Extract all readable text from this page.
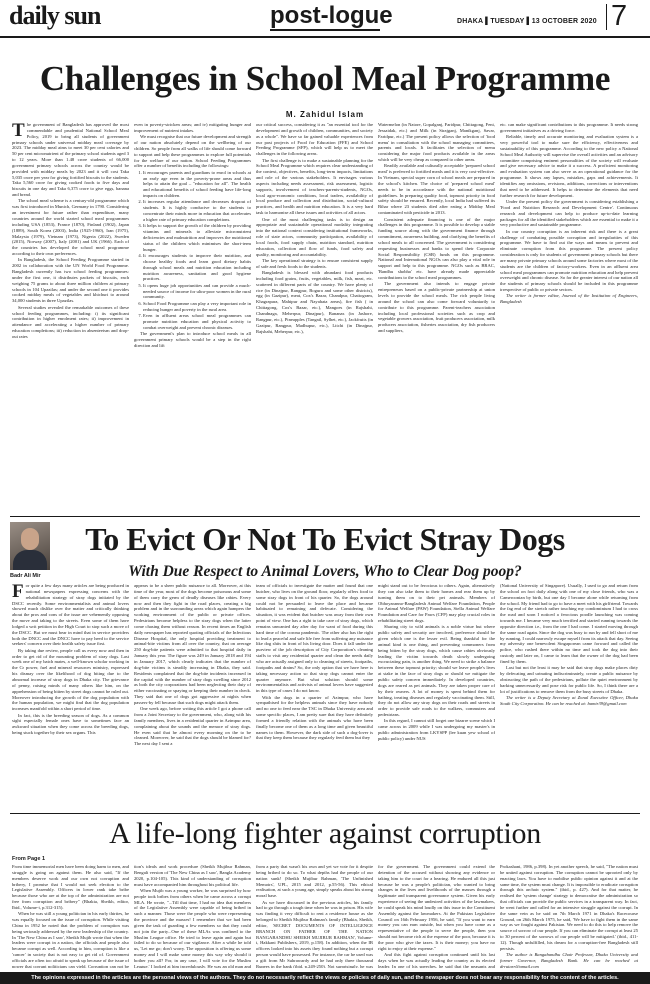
daily sun	post-logue	DHAKA ▌TUESDAY ▌13 OCTOBER 2020 7
Challenges in School Meal Programme
M. Zahidul Islam

The government of Bangladesh has approved the most commendable and prudential National School Meal Policy, 2019 to bring all students of government primary schools under universal midday meal coverage by 2023. The midday meal aims to meet 30 per cent calories and 50 per cent micronutrient of the primary school students aged 3 to 12 years. More than 1.48 crore students of 66,000 government primary schools across the country would be provided with midday meals by 2023 and it will cost Taka 5,035 crore per year for giving fortified biscuits to the students. Taka 5,560 crore for giving cooked foods to five days and biscuits in one day and Taka 6,375 crore to give eggs, banana and bread.

The school meal scheme is a century-old programme which was first introduced in Munich, Germany in 1790. Considering an investment for future rather than expenditure, many countries around the world started school meal programmes including USA (1853), France (1870), Finland (1902), Japan (1889), South Korea (2003), India (1925-1960), Iran (1975), Malaysia (1979), Vietnam (1973), Nigeria (2022), Sweden (2015), Norway (2007), Italy (2001) and UK (1966). Each of the countries has developed the school meal programme according to their own preferences.

In Bangladesh, the School Feeding Programme started in 2002 in collaboration with the UN World Food Programme. Bangladesh currently has two school feeding programmes: under the first one, it distributes packets of biscuits, each weighing 75 grams to about three million children at primary schools in 104 Upazilas; and under the second one it provides cooked midday meals of vegetables and khichuri to around 34,000 students in three Upazilas.

Several studies revealed the remarkable outcomes of these school feeding programmes, including: i) its significant contribution in higher enrolment rates; ii) improvement in attendance and accelerating a higher number of primary education completions; iii) reduction in absenteeism and drop-out rates

even in poverty-stricken areas; and iv) mitigating hunger and improvement of nutrient intakes.

We must recognise that our future development and strength of our nation absolutely depend on the wellbeing of our children. So people from all walks of life should come forward to support and help these programmes to explore full potentials for the welfare of our nation. School Feeding Programmes offer a number of benefits including the followings:

1. It encourages parents and guardians to enrol in schools at an early age even in the poverty-prone areas and thus helps to attain the goal – "education for all". The health and educational benefits of school feeding have life-long impacts on children.
2. It increases regular attendance and decreases dropout of students. It is highly conducive to the students to concentrate their minds more in education that accelerates a higher rate of primary education completions.
3. It helps to support the growth of the children by providing vitamins and minerals to alleviate micronutrient deficiencies and malnutrition and improves the nutritional status of the children which minimises the short-term hunger.
4. It encourages students to improve their nutrition, and choose healthy foods and learn good dietary habits through school meals and nutrition education including nutrition awareness, sanitation and good hygiene practices.
5. It opens huge job opportunities and can provide a much-needed source of income for ultra-poor women in the rural community.
6. School Food Programme can play a very important role in reducing hunger and poverty in the rural area.
7. Even in affluent areas school meal programmes can promote nutrition education and physical activity to combat overweight and prevent chronic diseases.

The government's plan to introduce school meals in all government primary schools would be a step in the right direction and lift

our critical success, considering it as "an essential tool for the development and growth of children, communities, and society as a whole". We have so far gained valuable experiences from our past projects of Food for Education (FFE) and School Feeding Programme (SFP), which will help us to meet the challenges in the following areas.

The first challenge is to make a sustainable planning for the School Meal Programme which requires clear understanding of the context, objectives, benefits, long-term impacts, limitations and role of the various stakeholders. It envisages various aspects including needs assessment, risk assessment, logistic supports, involvement of teachers-parents-students, NGOs, local agro-economic conditions, local traders, availability of local produce and collection and distribution, social-cultural practices, and health and nutrition education. It is a very hard task to harmonise all these issues and activities of all actors.

One of the most challenging tasks is to design an appropriate and sustainable operational modality integrating into the national context considering institutional frameworks, role of state actors, community participation, availability of local foods, food supply chain, nutrition standard, nutrition education, collection and flow of funds, food safety and quality, monitoring and accountability.

The key operational strategy is to ensure consistent supply of safe and fresh foods to the students.

Bangladesh is blessed with abundant food products including food grains, fruits, vegetables, milk, fish, meat, etc. scattered in different parts of the country. We have plenty of rice (in Dinajpur, Rangpur, Bogura and some other districts), egg (in Gazipur), meat, Cox's Bazar, Chandpur, Chattogram, Khagrapara, Mahipur and Nayahata areas), fire fish ( in Chittagong, Cox's Bazar, etc.), Mangoes (in Rajshahi, Chandnaga, Meherpur, Dinajpur), Bananas (in Jashore, Rangpur, etc.), Pineapples (Tangail, Sylhet, etc.), Jackfruits (in Gazipur, Rangpur, Madhupur, etc.), Litchi (in Dinajpur, Rajshahi, Meherpur, etc.),

Watermelon (in Natore, Gopalganj, Faridpur, Chittagong, Feni, Jessaidak, etc.) and Milk (in Sirajganj, Manikganj, Savar, Faridpur, etc.) The present policy allows the selection of 'food menu' in consultation with the school managing committees, parents and locals. It facilitates the selection of menu considering the major food products available in the areas which will be very cheap as compared to other areas.

Readily available and culturally acceptable 'prepared school meal' is preferred to fortified meals and it is very cost-effective. In Vietnam, special super corn of school meals are prepared in the school's kitchen. The choice of 'prepared school meal' needs to be in accordance with the national nutritional guidelines. In preparing quality food, topmost priority in food safety should be ensured. Recently, local India had suffered its Bihar where 23 students died after eating a Midday Meal contaminated with pesticide in 2013.

Consistent adequate financing is one of the major challenges in this programme. It is possible to develop a stable funding source along with the government finance through commitment, awareness building, and clarifying the benefits of school meals to all concerned. The government is considering requesting businesses and banks to spend their Corporate Social Responsibility (CSR) funds on this programme. National and International NGOs can also play a vital role in support and help to this programme. NGOs such as BRAC, 'Bandhu shobha' etc. have already made appreciable contributions to the school meal programmes.

The government also intends to engage private entrepreneurs based on a public-private partnership at union levels to provide the school meals. The rich people living around the school can also come forward voluntarily to contribute to this programme. Parent-teachers association including local professional societies such as crop and vegetable growers association, fruit producers association, milk producers association, fisheries association, dry fish producers and suppliers,

etc. can make significant contributions to this programme. It needs strong government initiatives as a driving force.

Reliable, timely and accurate monitoring and evaluation system is a very powerful tool to make sure the efficiency, effectiveness and sustainability of this programme. According to the new policy a National School Meal Authority will supervise the overall activities and an advisory committee comprising eminent personalities of the society will evaluate and give necessary advice to make it a success. A proficient monitoring and evaluation system can also serve as an operational guidance for the programme. It shows any lapses, mistakes, gaps and achievements. It identifies any omissions, revisions, additions, corrections or interventions that need to be addressed. It helps to determine the elements that need further research for future development.

Under the present policy the government is considering establishing a 'Food and Nutrition Research and Development Centre'. Continuous research and development can help to produce up-to-date learning packages for all the identified stakeholders which are essential to make it a very productive and sustainable programme.

In our country corruption is an inherent risk and there is a great challenge of combating possible corruption and irregularities of this programme. We have to find out the ways and means to prevent and eliminate corruption from this programme. The present policy consideration is only for students of government primary schools but there are many private primary schools around some factories where most of the students are the children of factory-workers. Even in an affluent area school meal programmes can promote nutrition education and help prevent overweight and chronic disease. So for the greater interest of our nation all the students of primary schools should be included in this programme irrespective of public or private sectors.

The writer is former editor, Journal of the Institution of Engineers, Bangladesh

Badr Ali Mir
To Evict Or Not To Evict Stray Dogs
With Due Respect to Animal Lovers, Who to Clear Dog poop?

For quite a few days many articles are being produced in national newspapers expressing concerns with the rehabilitation strategy of stray dogs initiated by the DSCC recently. Some environmentalists and animal lovers showed much dislike over the matter and critically thinking about the pros and cons of the issue are vehemently opposing the move and taking to the streets. Even some of them have lodged a writ petition in the High Court to stop such a move of the DSCC. But we must bear in mind that in service providers both the DNCC and the DNCC have to pay heed to the service seekers' concern over their health safety issue first.

By taking due review, people call us every now and then in order to get rid of the mounting problem of stray dogs. Last week one of my batch mates, a well-known scholar working in the Cr power, fuel and mineral resources ministry, expressed his dismay over the likelihood of dog biting due to the abnormal increase of stray dogs in Dhaka city. The grievance of penny, raising minds of many others like him, on the apprehension of being bitten by street dogs cannot be ruled out. Moreover introducing the growth of the dog population with the human population, we might find that the dog population increases manifold within a short period of time.

In fact, this is the breeding season of dogs. As a common sight especially female ones have to sometimes face an awkward situation when they come across the breeding dogs, being stuck together by their sex organs. This

appears to be a sheer public nuisance to all. Moreover, at this time of the year, most of the dogs become poisonous and some of them carry the germ of deadly diseases like rabies. Every now and then they fight in the road places, creating a big problem and in the surrounding areas which again hampers the working environment of the public or private offices. Pedestrians become helpless to the stray dogs when the latter come chasing them without reason. In recent times an English daily newspaper has reported quoting officials of the Infectious Disease Hospital, the only hospital providing treatment to animal-bite victims from all over the country, that on average 250 dog-bite patients were admitted to that hospital daily in January this year. The figure was 249 in January 2018 and 194 in January 2017, which clearly indicates that the number of dog-bite victims is steadily increasing in Dhaka, they said. Residents complained that the dog-bite incidents increased in the capital with the number of stray dogs swelling since 2012 as both the city corporations had been neglecting their duty of either vaccinating or spaying or keeping their number in check. They said that one of dogs got aggressive at nights when passers-by fell because that such dogs might attack them.

One week ago, before writing this article I got a phone call from a Joint Secretary to the government, who, along with his family members, lives in a residential quarter in Azimpur area, complaining about the sounds and the menace of stray dogs. He even said that he almost every morning on the to be cleaned. Moreover, he said that the dogs should be blamed for? The next day I sent a

team of officials to investigate the matter and found that one butcher, who lives on the ground floor, regularly offers food to some stray dogs in front of his quarter. So, the dogs around could not be persuaded to leave the place and became habituated to remaining and defecate. Considering the situation, it was evident that butcher was away from their own point of view. One has a right to take care of stray dogs, which remains unwanted day after day for want of food during this hard time of the corona pandemic. The other also has the right to lead a peaceful and safe life free from suffering any nuisance like dog shits in front of his living door. Does it fall under the purview of the job description of City Corporation's cleaning staffs to visit any residential quarter and clean the needs daily who are actually assigned only to cleaning of streets, footpaths, footpaths and drains? So, the only option that we have here is taking necessary action so that stray dogs cannot enter the quarter anymore. But what solution should some environmentalists and activists of animal lovers have suggested in this type of cases I do not know.

With the dogs in a quarter of Azimpur, who have sympathised for the helpless animals since they have nobody and no one to feed near the TSC in Dhaka University area and some specific places, I am pretty sure that they have definitely formed a friendly relation with the animals who have been finally become one of them as a long time and given beautiful names to them. However, the dark side of such a dog-lover is that they keep them because they regularly feed them but they

might stand out to be ferocious to others. Again, alternatively they can also take them to their homes and rear them up by turning them on to their pet animals. Members of Obhoyaranno-Bangladesh Animal Welfare Foundation, People for Animal Welfare (PAW) Foundation, Stella Animal Welfare Foundation and Care for Paws (CFP) may play crucial roles in rehabilitating street dogs.

Sharing city to wild animals is a noble virtue but where public safety and security are involved, preference should be given which one is the lesser evil. Being thankful for the animal kind is one thing, and preventing commoners from being bitten by the stray dogs, which cause rabies obviously leading the victim towards death slowly undergoing excruciating pain, is another thing. We need to strike a balance between these topmost priority; should we leave people's lives at stake in the face of stray dogs or should we mitigate the public safety concern immediately. In developed countries, dogs are reared as pet animals. They are taken proper care of by their owners. A lot of money is spent behind them for bathing, treating diseases and regularly vaccinating them. Still, they do not allow any stray dogs on their roads and streets in order to provide safe roads to the walkers, commuters and pedestrians.

In this regard, I cannot still forget one bizarre scene which I came across in 2009 while I was undergoing my master's in public administration from LKYSPP (lee kuan yew school of public policy) under NUS

(National University of Singapore). Usually, I used to go and return from the school on foot daily along with one of my close friends, who was a Cameroonian by birth, but one day I became alone while returning from the school. My friend had to go to have a meet with his girlfriend. Towards the fag end of the stretch rather touching my condominium I had to cross the road and soon I noticed a ferocious poodle launching was coming towards me. I became very much terrified and started running towards the opposite direction i.e., from the one I had come. I started moving through the same road again. Since the dog was busy to run by and fell short of me by running, I could narrowly escape myself from its attack that day. Seeing my adversity one benevolent Singaporean came forward and called the police, who rushed there within no time and took the dog into their custody and later on, I came to learn that the owner of the dog had been fined by them.

Last but not the least it may be said that stray dogs make places dirty by defecating and urinating indiscriminately, create a public nuisance by obstructing the path of the pedestrians, pollute the quiet environment by barking unnecessarily and pose risk for public life. So, I think there are a lot of justifications to remove them from the busy streets of Dhaka.

The writer is a Deputy Secretary at Zonal Executive Officer, Dhaka South City Corporation. He can be reached at: bamir39@gmail.com

A life-long fighter against corruption
From Page 1

From time immemorial men have been doing harm to men, and struggle is going on against them. He also said, "If the members deserve work and our own not corruption and bribery, I promise that I would not seek election to the Legislative Assembly. Officers in lower rank take bribe because those who are at the top of the administration are not free from corruption and bribery" (Bhakta, Sheikh, editor, Ibid., Volume-i, p.312-315).

When he was still a young politician in his early thirties, he was equally focused on the issue of corruption. While visiting China in 1952 he noted that the problem of corruption was being seriously addressed by the new leadership of the country. In 'The New China as I saw', Sheikh Mujib wrote that when the leaders were corrupt in a nation, the officials and people also became corrupt as well. According to him, corruption is like a 'cancer' in society that is not easy to get rid of. Government officials are often too afraid to speak up because of the issue of power that corrupt politicians can yield. Corruption can not be

tion's ideals and work procedure (Sheikh Mujibur Rahman, Bengali version of 'The New China as I saw', Bangla Academy 2020, p.104-105). This kind of understanding of corruption must have accompanied him throughout his political life.

When Mujib was a young worker, he was surprised by how people took bribes from others when he came across a corrupt MLA. He wrote, "...Till that time, I had no idea that members of the Legislative Assembly were capable of being bribed in such a manner. Those were the people who were representing the province and the masses! I remember that we had been given the task of guarding a few members so that they could not join the party...One of these MLAs was confined to the Muslim League office. He tried to leave again and again but failed to do so because of our vigilance. After a while he told us, 'Let me go; don't worry. The opposition is offering us some money and I will make some money this way why should it bother you all? For, in any case, I will vote for the Muslim League.' I looked at him incredulously. He was an old man and

from a party that wasn't his own and yet we vote for it despite being bribed to do so. To what depths had the people of our nation sunk! (Sheikh Mujibur Rahman, 'The Unfinished Memoirs', UPL, 2015 and 2012, p.55-56). This ethical realisation, at such a young age, simply speaks about his strong moral base.

As we have discussed in the previous articles, his family had to go through a tough time when he was in prison. His wife was finding it very difficult to rent a residence house as she belonged to Sheikh Mujibur Rahman's family (Bhakta, Sheikh, editor, 'SECRET DOCUMENTS OF INTELLIGENCE BRANCH ON FATHER OF THE NATION BANGABANDHU SHEIKH MUJIBUR RAHMAN', Volume-i, Hakkani Publishers, 2019, p.158). In addition, when the IB officers looked into his assets they found nothing but a corrupt person would have possessed. For instance, the car he used was a gift from Mr Suhrawardy and he had only three thousand Rupees in the bank (ibid, p.249-250). Not surprisingly, he was

for the government. The government could extend the detention of the accused without showing any evidence or taking him to the court for a hearing. He endured all this just because he was a people's politician, who wanted to bring changes in the lives and livelihoods of the masses through a legitimate and transparent governance system. Given his early experience of seeing the undesired activities of the lawmakers, he could speak his mind loudly on this issue in the Constituent Assembly against the lawmakers. At the Pakistan Legislative Council on 16th February 1956, he said, "If you want to earn money you can earn outside, but when you have come as a representative of the people to serve the people, then you should not become rich at the expense of the poor, because it is the poor who give the taxes. It is their money; you have no right to enjoy at their expense."

And this fight against corruption continued until his last days when he was actually leading the country as its elected leader. In one of his speeches, he said that the peasants and

Prokashani, 1986, p.398). In yet another speech, he said, "The nation must be united against corruption. The corruption cannot be uprooted only by enacting laws. You have to mobilise public opinion against it and at the same time, the system must change. It is impossible to eradicate corruption through this archaic system." (ibid., p. 427). And for that matter, he realised the 'system change' strategy to democratise the administration so that officials can provide the public services in a transparent way. In fact, he went further and called for an intensive struggle against the corrupt. In the same vein as he said on 7th March 1971 in Dhaka's Racecourse Ground, on 26th March 1975, he said, 'We have to fight them in the same way as we fought against Pakistan. We need to do this to help remove the source of sorrow of our people. If you can eliminate the corrupt at least 25 to 30 percent of the sorrows of our people will be mitigated.' (ibid., 411-12). Though unfulfilled, his dream for a corruption-free Bangladesh still persists.

The author is Bangabandhu Chair Professor, Dhaka University and former Governor, Bangladesh Bank. He can be reached at drrutarr@gmail.com

The opinions expressed in the articles are the personal views of the authors. They do not necessarily reflect the views or policies of daily sun, and the newspaper does not bear any responsibility for the content of the articles.
